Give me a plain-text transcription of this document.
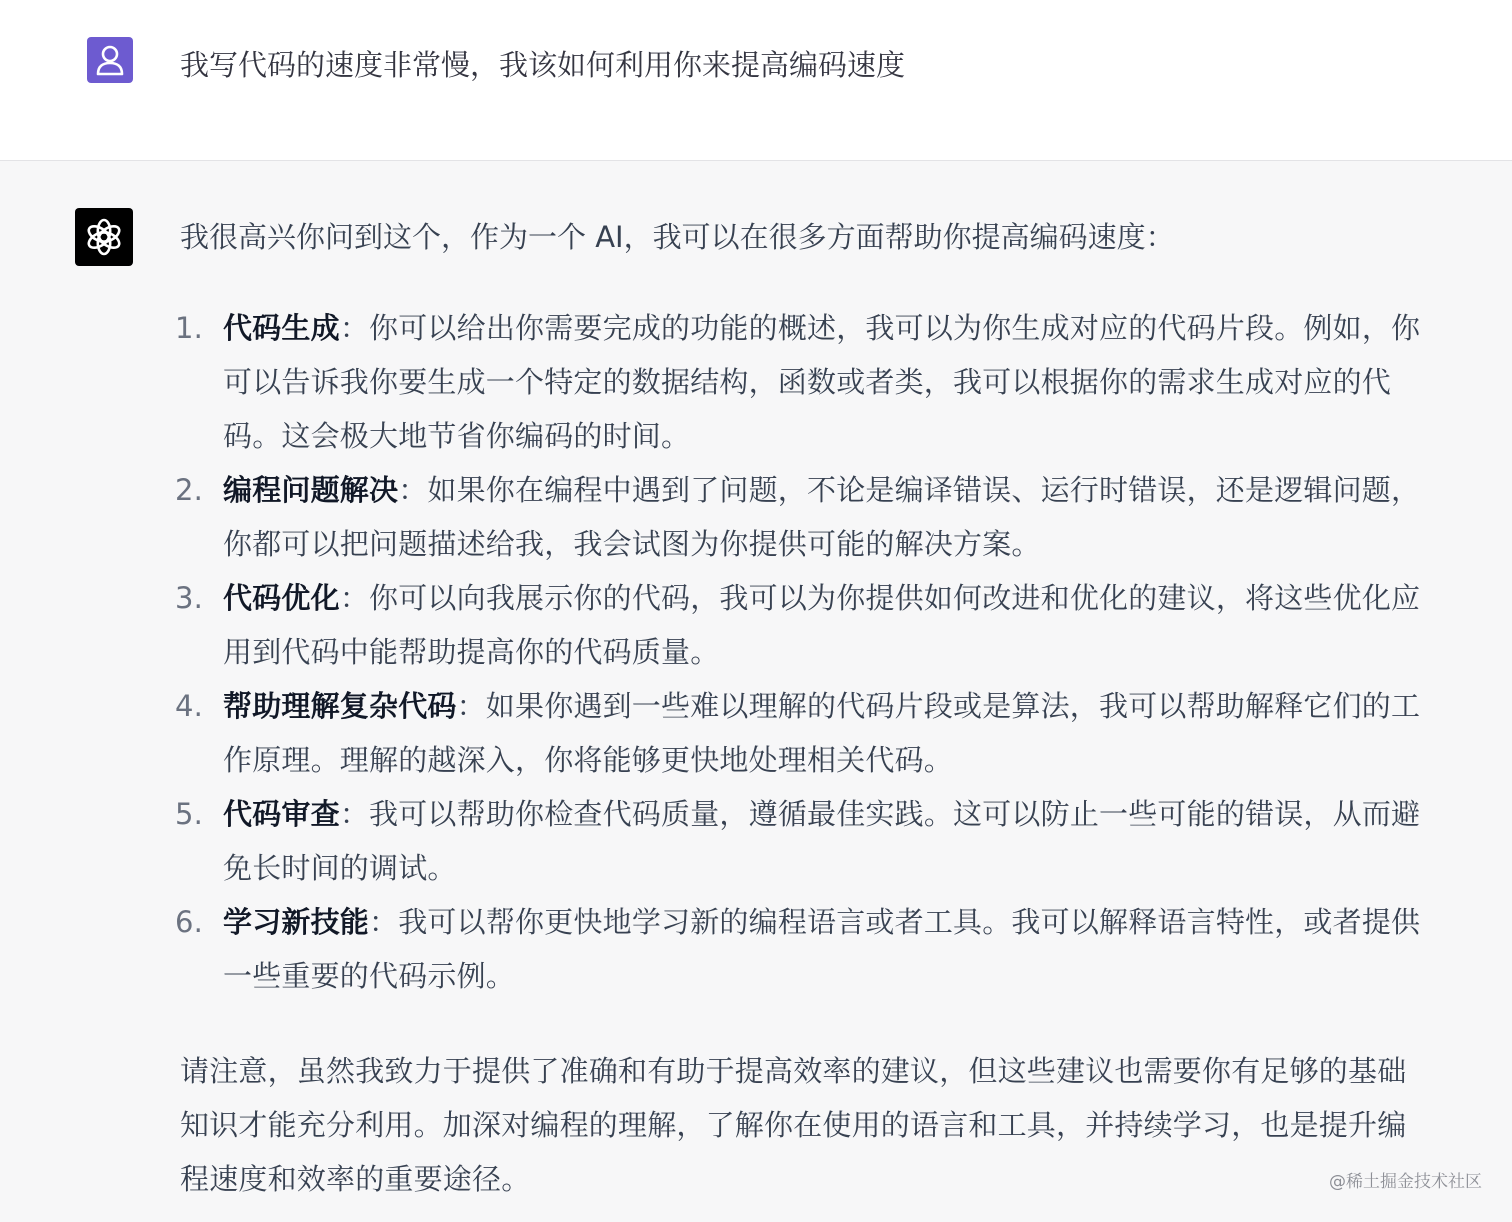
我写代码的速度非常慢，我该如何利用你来提高编码速度
我很高兴你问到这个，作为一个 AI，我可以在很多方面帮助你提高编码速度：
1. 代码生成：你可以给出你需要完成的功能的概述，我可以为你生成对应的代码片段。例如，你可以告诉我你要生成一个特定的数据结构，函数或者类，我可以根据你的需求生成对应的代码。这会极大地节省你编码的时间。
2. 编程问题解决：如果你在编程中遇到了问题，不论是编译错误、运行时错误，还是逻辑问题，你都可以把问题描述给我，我会试图为你提供可能的解决方案。
3. 代码优化：你可以向我展示你的代码，我可以为你提供如何改进和优化的建议，将这些优化应用到代码中能帮助提高你的代码质量。
4. 帮助理解复杂代码：如果你遇到一些难以理解的代码片段或是算法，我可以帮助解释它们的工作原理。理解的越深入，你将能够更快地处理相关代码。
5. 代码审查：我可以帮助你检查代码质量，遵循最佳实践。这可以防止一些可能的错误，从而避免长时间的调试。
6. 学习新技能：我可以帮你更快地学习新的编程语言或者工具。我可以解释语言特性，或者提供一些重要的代码示例。
请注意，虽然我致力于提供了准确和有助于提高效率的建议，但这些建议也需要你有足够的基础知识才能充分利用。加深对编程的理解，了解你在使用的语言和工具，并持续学习，也是提升编程速度和效率的重要途径。	@稀土掘金技术社区
